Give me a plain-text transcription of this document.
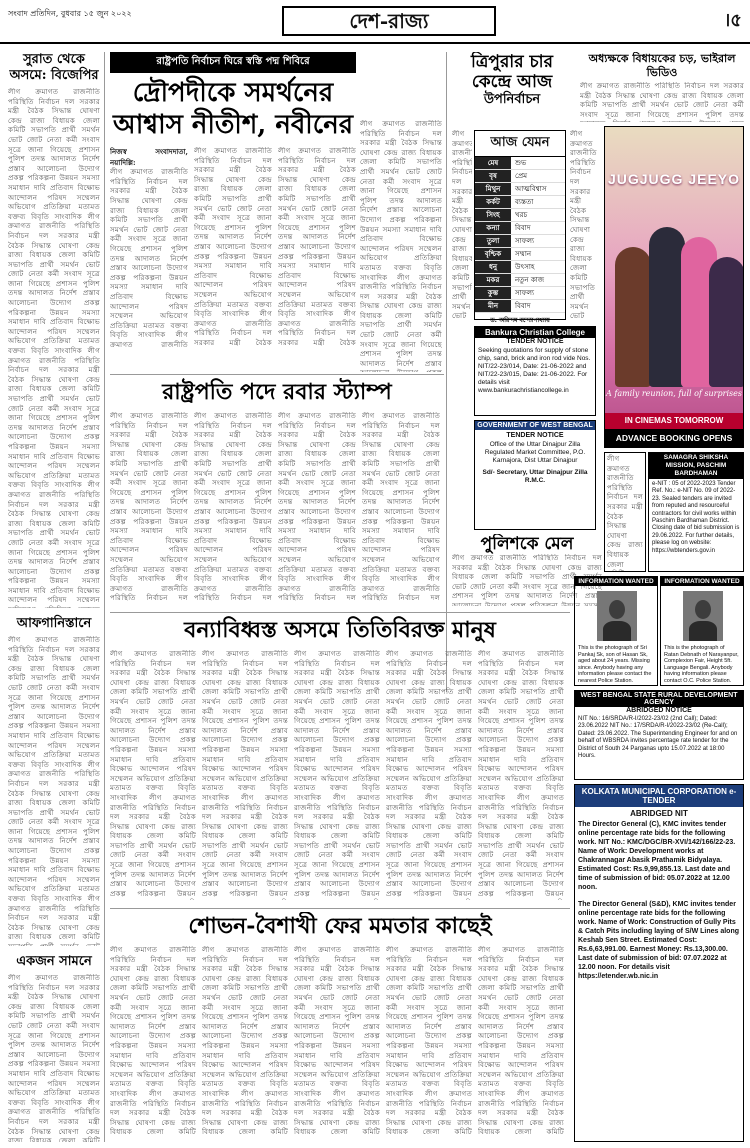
সংবাদ প্রতিদিন, বুধবার ১৫ জুন ২০২২	দেশ-রাজ্য	।৫
সুরাত থেকে
অসমে: বিজেপির
লীগ ক্রমাগত রাজনীতি পরিস্থিতি নির্বাচন দল সরকার মন্ত্রী বৈঠক সিদ্ধান্ত ঘোষণা কেন্দ্র রাজ্য বিধায়ক জেলা কমিটি সভাপতি প্রার্থী সমর্থন ভোট জোট নেতা কর্মী সংবাদ সূত্রে জানা গিয়েছে প্রশাসন পুলিশ তদন্ত আদালত নির্দেশ প্রস্তাব আলোচনা উদ্যোগ প্রকল্প পরিকল্পনা উন্নয়ন সমস্যা সমাধান দাবি প্রতিবাদ বিক্ষোভ আন্দোলন পরিষদ সম্মেলন অভিযোগ প্রতিক্রিয়া মতামত বক্তব্য বিবৃতি সাংবাদিক লীগ ক্রমাগত রাজনীতি পরিস্থিতি নির্বাচন দল সরকার মন্ত্রী বৈঠক সিদ্ধান্ত ঘোষণা কেন্দ্র রাজ্য বিধায়ক জেলা কমিটি সভাপতি প্রার্থী সমর্থন ভোট জোট নেতা কর্মী সংবাদ সূত্রে জানা গিয়েছে প্রশাসন পুলিশ তদন্ত আদালত নির্দেশ প্রস্তাব আলোচনা উদ্যোগ প্রকল্প পরিকল্পনা উন্নয়ন সমস্যা সমাধান দাবি প্রতিবাদ বিক্ষোভ আন্দোলন পরিষদ সম্মেলন অভিযোগ প্রতিক্রিয়া মতামত বক্তব্য বিবৃতি সাংবাদিক লীগ ক্রমাগত রাজনীতি পরিস্থিতি নির্বাচন দল সরকার মন্ত্রী বৈঠক সিদ্ধান্ত ঘোষণা কেন্দ্র রাজ্য বিধায়ক জেলা কমিটি সভাপতি প্রার্থী সমর্থন ভোট জোট নেতা কর্মী সংবাদ সূত্রে জানা গিয়েছে প্রশাসন পুলিশ তদন্ত আদালত নির্দেশ প্রস্তাব আলোচনা উদ্যোগ প্রকল্প পরিকল্পনা উন্নয়ন সমস্যা সমাধান দাবি প্রতিবাদ বিক্ষোভ আন্দোলন পরিষদ সম্মেলন অভিযোগ প্রতিক্রিয়া মতামত বক্তব্য বিবৃতি সাংবাদিক লীগ ক্রমাগত রাজনীতি পরিস্থিতি নির্বাচন দল সরকার মন্ত্রী বৈঠক সিদ্ধান্ত ঘোষণা কেন্দ্র রাজ্য বিধায়ক জেলা কমিটি সভাপতি প্রার্থী সমর্থন ভোট জোট নেতা কর্মী সংবাদ সূত্রে জানা গিয়েছে প্রশাসন পুলিশ তদন্ত আদালত নির্দেশ প্রস্তাব আলোচনা উদ্যোগ প্রকল্প পরিকল্পনা উন্নয়ন সমস্যা সমাধান দাবি প্রতিবাদ বিক্ষোভ আন্দোলন পরিষদ সম্মেলন অভিযোগ প্রতিক্রিয়া মতামত বক্তব্য বিবৃতি সাংবাদিক
আফগানিস্তানে
লীগ ক্রমাগত রাজনীতি পরিস্থিতি নির্বাচন দল সরকার মন্ত্রী বৈঠক সিদ্ধান্ত ঘোষণা কেন্দ্র রাজ্য বিধায়ক জেলা কমিটি সভাপতি প্রার্থী সমর্থন ভোট জোট নেতা কর্মী সংবাদ সূত্রে জানা গিয়েছে প্রশাসন পুলিশ তদন্ত আদালত নির্দেশ প্রস্তাব আলোচনা উদ্যোগ প্রকল্প পরিকল্পনা উন্নয়ন সমস্যা সমাধান দাবি প্রতিবাদ বিক্ষোভ আন্দোলন পরিষদ সম্মেলন অভিযোগ প্রতিক্রিয়া মতামত বক্তব্য বিবৃতি সাংবাদিক লীগ ক্রমাগত রাজনীতি পরিস্থিতি নির্বাচন দল সরকার মন্ত্রী বৈঠক সিদ্ধান্ত ঘোষণা কেন্দ্র রাজ্য বিধায়ক জেলা কমিটি সভাপতি প্রার্থী সমর্থন ভোট জোট নেতা কর্মী সংবাদ সূত্রে জানা গিয়েছে প্রশাসন পুলিশ তদন্ত আদালত নির্দেশ প্রস্তাব আলোচনা উদ্যোগ প্রকল্প পরিকল্পনা উন্নয়ন সমস্যা সমাধান দাবি প্রতিবাদ বিক্ষোভ আন্দোলন পরিষদ সম্মেলন অভিযোগ প্রতিক্রিয়া মতামত বক্তব্য বিবৃতি সাংবাদিক লীগ ক্রমাগত রাজনীতি পরিস্থিতি নির্বাচন দল সরকার মন্ত্রী বৈঠক সিদ্ধান্ত ঘোষণা কেন্দ্র রাজ্য বিধায়ক জেলা কমিটি সভাপতি প্রার্থী সমর্থন ভোট জোট নেতা কর্মী সংবাদ সূত্রে জানা গিয়েছে প্রশাসন পুলিশ তদন্ত আদালত নির্দেশ প্রস্তাব আলোচনা উদ্যোগ প্রকল্প পরিকল্পনা উন্নয়ন সমস্যা সমাধান দাবি প্রতিবাদ বিক্ষোভ আন্দোলন পরিষদ সম্মেলন অভিযোগ প্রতিক্রিয়া মতামত বক্তব্য বিবৃতি সাংবাদিক লীগ ক্রমাগত রাজনীতি পরিস্থিতি নির্বাচন দল সরকার মন্ত্রী বৈঠক সিদ্ধান্ত ঘোষণা কেন্দ্র রাজ্য বিধায়ক জেলা কমিটি সভাপতি প্রার্থী সমর্থন ভোট জোট নেতা কর্মী সংবাদ সূত্রে জানা গিয়েছে প্রশাসন পুলিশ তদন্ত আদালত নির্দেশ প্রস্তাব আলোচনা উদ্যোগ প্রকল্প পরিকল্পনা উন্নয়ন সমস্যা সমাধান দাবি প্রতিবাদ বিক্ষোভ আন্দোলন পরিষদ সম্মেলন অভিযোগ প্রতিক্রিয়া মতামত বক্তব্য বিবৃতি সাংবাদিক
একজন সামনে
লীগ ক্রমাগত রাজনীতি পরিস্থিতি নির্বাচন দল সরকার মন্ত্রী বৈঠক সিদ্ধান্ত ঘোষণা কেন্দ্র রাজ্য বিধায়ক জেলা কমিটি সভাপতি প্রার্থী সমর্থন ভোট জোট নেতা কর্মী সংবাদ সূত্রে জানা গিয়েছে প্রশাসন পুলিশ তদন্ত আদালত নির্দেশ প্রস্তাব আলোচনা উদ্যোগ প্রকল্প পরিকল্পনা উন্নয়ন সমস্যা সমাধান দাবি প্রতিবাদ বিক্ষোভ আন্দোলন পরিষদ সম্মেলন অভিযোগ প্রতিক্রিয়া মতামত বক্তব্য বিবৃতি সাংবাদিক লীগ ক্রমাগত রাজনীতি পরিস্থিতি নির্বাচন দল সরকার মন্ত্রী বৈঠক সিদ্ধান্ত ঘোষণা কেন্দ্র রাজ্য বিধায়ক জেলা কমিটি সভাপতি প্রার্থী সমর্থন ভোট জোট নেতা কর্মী সংবাদ সূত্রে জানা গিয়েছে প্রশাসন পুলিশ তদন্ত আদালত নির্দেশ প্রস্তাব আলোচনা উদ্যোগ প্রকল্প পরিকল্পনা উন্নয়ন সমস্যা সমাধান দাবি প্রতিবাদ বিক্ষোভ আন্দোলন পরিষদ সম্মেলন অভিযোগ প্রতিক্রিয়া মতামত বক্তব্য বিবৃতি সাংবাদিক লীগ ক্রমাগত রাজনীতি পরিস্থিতি নির্বাচন দল সরকার মন্ত্রী বৈঠক সিদ্ধান্ত ঘোষণা কেন্দ্র রাজ্য বিধায়ক জেলা কমিটি সভাপতি প্রার্থী সমর্থন ভোট জোট নেতা কর্মী সংবাদ সূত্রে জানা গিয়েছে প্রশাসন পুলিশ তদন্ত আদালত নির্দেশ প্রস্তাব আলোচনা উদ্যোগ প্রকল্প পরিকল্পনা উন্নয়ন সমস্যা সমাধান দাবি প্রতিবাদ বিক্ষোভ আন্দোলন পরিষদ সম্মেলন অভিযোগ প্রতিক্রিয়া মতামত বক্তব্য বিবৃতি সাংবাদিক লীগ ক্রমাগত রাজনীতি পরিস্থিতি নির্বাচন দল সরকার মন্ত্রী বৈঠক সিদ্ধান্ত ঘোষণা কেন্দ্র রাজ্য বিধায়ক জেলা কমিটি সভাপতি প্রার্থী সমর্থন ভোট জোট নেতা কর্মী সংবাদ সূত্রে জানা গিয়েছে প্রশাসন পুলিশ তদন্ত আদালত নির্দেশ প্রস্তাব আলোচনা উদ্যোগ প্রকল্প পরিকল্পনা উন্নয়ন সমস্যা সমাধান দাবি প্রতিবাদ বিক্ষোভ আন্দোলন পরিষদ সম্মেলন অভিযোগ প্রতিক্রিয়া মতামত বক্তব্য বিবৃতি সাংবাদিক
রাষ্ট্রপতি নির্বাচন ঘিরে স্বস্তি পদ্ম শিবিরে
দ্রৌপদীকে সমর্থনের
আশ্বাস নীতীশ, নবীনের
নিজস্ব সংবাদদাতা, নয়াদিল্লি:
লীগ ক্রমাগত রাজনীতি পরিস্থিতি নির্বাচন দল সরকার মন্ত্রী বৈঠক সিদ্ধান্ত ঘোষণা কেন্দ্র রাজ্য বিধায়ক জেলা কমিটি সভাপতি প্রার্থী সমর্থন ভোট জোট নেতা কর্মী সংবাদ সূত্রে জানা গিয়েছে প্রশাসন পুলিশ তদন্ত আদালত নির্দেশ প্রস্তাব আলোচনা উদ্যোগ প্রকল্প পরিকল্পনা উন্নয়ন সমস্যা সমাধান দাবি প্রতিবাদ বিক্ষোভ আন্দোলন পরিষদ সম্মেলন অভিযোগ প্রতিক্রিয়া মতামত বক্তব্য বিবৃতি সাংবাদিক লীগ ক্রমাগত রাজনীতি পরিস্থিতি নির্বাচন দল সরকার মন্ত্রী বৈঠক সিদ্ধান্ত ঘোষণা কেন্দ্র রাজ্য বিধায়ক জেলা কমিটি সভাপতি প্রার্থী সমর্থন ভোট জোট নেতা কর্মী সংবাদ সূত্রে জানা গিয়েছে প্রশাসন পুলিশ তদন্ত আদালত নির্দেশ প্রস্তাব আলোচনা উদ্যোগ প্রকল্প পরিকল্পনা উন্নয়ন সমস্যা সমাধান দাবি প্রতিবাদ বিক্ষোভ আন্দোলন পরিষদ সম্মেলন অভিযোগ প্রতিক্রিয়া মতামত বক্তব্য বিবৃতি সাংবাদিক লীগ ক্রমাগত রাজনীতি পরিস্থিতি নির্বাচন দল সরকার মন্ত্রী বৈঠক সিদ্ধান্ত ঘোষণা কেন্দ্র রাজ্য বিধায়ক জেলা কমিটি সভাপতি প্রার্থী সমর্থন ভোট জোট নেতা কর্মী সংবাদ সূত্রে জানা গিয়েছে প্রশাসন পুলিশ তদন্ত আদালত নির্দেশ প্রস্তাব আলোচনা উদ্যোগ প্রকল্প পরিকল্পনা উন্নয়ন সমস্যা সমাধান দাবি প্রতিবাদ বিক্ষোভ আন্দোলন পরিষদ সম্মেলন অভিযোগ প্রতিক্রিয়া মতামত বক্তব্য বিবৃতি সাংবাদিক লীগ ক্রমাগত রাজনীতি পরিস্থিতি নির্বাচন দল সরকার মন্ত্রী বৈঠক সিদ্ধান্ত ঘোষণা কেন্দ্র রাজ্য বিধায়ক জেলা কমিটি সভাপতি প্রার্থী সমর্থন ভোট জোট নেতা কর্মী সংবাদ সূত্রে জানা গিয়েছে প্রশাসন পুলিশ তদন্ত আদালত নির্দেশ প্রস্তাব আলোচনা উদ্যোগ প্রকল্প পরিকল্পনা উন্নয়ন সমস্যা সমাধান দাবি প্রতিবাদ বিক্ষোভ আন্দোলন পরিষদ সম্মেলন অভিযোগ প্রতিক্রিয়া মতামত বক্তব্য বিবৃতি সাংবাদিক
লীগ ক্রমাগত রাজনীতি পরিস্থিতি নির্বাচন দল সরকার মন্ত্রী বৈঠক সিদ্ধান্ত ঘোষণা কেন্দ্র রাজ্য বিধায়ক জেলা কমিটি সভাপতি প্রার্থী সমর্থন ভোট জোট নেতা কর্মী সংবাদ সূত্রে জানা গিয়েছে প্রশাসন পুলিশ তদন্ত আদালত নির্দেশ প্রস্তাব আলোচনা উদ্যোগ প্রকল্প পরিকল্পনা উন্নয়ন সমস্যা সমাধান দাবি প্রতিবাদ বিক্ষোভ আন্দোলন পরিষদ সম্মেলন অভিযোগ প্রতিক্রিয়া মতামত বক্তব্য বিবৃতি সাংবাদিক লীগ ক্রমাগত রাজনীতি পরিস্থিতি নির্বাচন দল সরকার মন্ত্রী বৈঠক সিদ্ধান্ত ঘোষণা কেন্দ্র রাজ্য বিধায়ক জেলা কমিটি সভাপতি প্রার্থী সমর্থন ভোট জোট নেতা কর্মী সংবাদ সূত্রে জানা গিয়েছে প্রশাসন পুলিশ তদন্ত আদালত নির্দেশ প্রস্তাব আলোচনা উদ্যোগ প্রকল্প পরিকল্পনা উন্নয়ন সমস্যা সমাধান দাবি প্রতিবাদ বিক্ষোভ আন্দোলন পরিষদ সম্মেলন অভিযোগ প্রতিক্রিয়া মতামত বক্তব্য বিবৃতি সাংবাদিক লীগ ক্রমাগত রাজনীতি পরিস্থিতি নির্বাচন দল সরকার মন্ত্রী বৈঠক সিদ্ধান্ত ঘোষণা কেন্দ্র রাজ্য বিধায়ক জেলা কমিটি সভাপতি প্রার্থী সমর্থন ভোট জোট নেতা কর্মী সংবাদ সূত্রে জানা গিয়েছে প্রশাসন পুলিশ তদন্ত আদালত নির্দেশ প্রস্তাব আলোচনা উদ্যোগ প্রকল্প পরিকল্পনা উন্নয়ন সমস্যা সমাধান দাবি প্রতিবাদ বিক্ষোভ আন্দোলন পরিষদ সম্মেলন অভিযোগ প্রতিক্রিয়া মতামত বক্তব্য বিবৃতি সাংবাদিক লীগ ক্রমাগত রাজনীতি পরিস্থিতি নির্বাচন দল সরকার মন্ত্রী বৈঠক সিদ্ধান্ত ঘোষণা কেন্দ্র রাজ্য বিধায়ক জেলা কমিটি সভাপতি প্রার্থী সমর্থন ভোট জোট নেতা কর্মী সংবাদ সূত্রে জানা গিয়েছে প্রশাসন পুলিশ তদন্ত আদালত নির্দেশ প্রস্তাব আলোচনা উদ্যোগ প্রকল্প পরিকল্পনা উন্নয়ন সমস্যা সমাধান দাবি প্রতিবাদ বিক্ষোভ আন্দোলন পরিষদ সম্মেলন অভিযোগ প্রতিক্রিয়া মতামত বক্তব্য বিবৃতি সাংবাদিক
লীগ ক্রমাগত রাজনীতি পরিস্থিতি নির্বাচন দল সরকার মন্ত্রী বৈঠক সিদ্ধান্ত ঘোষণা কেন্দ্র রাজ্য বিধায়ক জেলা কমিটি সভাপতি প্রার্থী সমর্থন ভোট জোট নেতা কর্মী সংবাদ সূত্রে জানা গিয়েছে প্রশাসন পুলিশ তদন্ত আদালত নির্দেশ প্রস্তাব আলোচনা উদ্যোগ প্রকল্প পরিকল্পনা উন্নয়ন সমস্যা সমাধান দাবি প্রতিবাদ বিক্ষোভ আন্দোলন পরিষদ সম্মেলন অভিযোগ প্রতিক্রিয়া মতামত বক্তব্য বিবৃতি সাংবাদিক লীগ ক্রমাগত রাজনীতি পরিস্থিতি নির্বাচন দল সরকার মন্ত্রী বৈঠক সিদ্ধান্ত ঘোষণা কেন্দ্র রাজ্য বিধায়ক জেলা কমিটি সভাপতি প্রার্থী সমর্থন ভোট জোট নেতা কর্মী সংবাদ সূত্রে জানা গিয়েছে প্রশাসন পুলিশ তদন্ত আদালত নির্দেশ প্রস্তাব আলোচনা উদ্যোগ প্রকল্প পরিকল্পনা উন্নয়ন সমস্যা সমাধান দাবি প্রতিবাদ বিক্ষোভ আন্দোলন পরিষদ সম্মেলন অভিযোগ প্রতিক্রিয়া মতামত বক্তব্য বিবৃতি সাংবাদিক লীগ ক্রমাগত রাজনীতি পরিস্থিতি নির্বাচন দল সরকার মন্ত্রী বৈঠক সিদ্ধান্ত ঘোষণা কেন্দ্র রাজ্য বিধায়ক জেলা কমিটি সভাপতি প্রার্থী সমর্থন ভোট জোট নেতা কর্মী সংবাদ সূত্রে জানা গিয়েছে প্রশাসন পুলিশ তদন্ত আদালত নির্দেশ প্রস্তাব আলোচনা উদ্যোগ প্রকল্প পরিকল্পনা উন্নয়ন সমস্যা সমাধান দাবি প্রতিবাদ বিক্ষোভ আন্দোলন পরিষদ সম্মেলন অভিযোগ প্রতিক্রিয়া মতামত বক্তব্য বিবৃতি সাংবাদিক লীগ ক্রমাগত রাজনীতি পরিস্থিতি নির্বাচন দল সরকার মন্ত্রী বৈঠক সিদ্ধান্ত ঘোষণা কেন্দ্র রাজ্য বিধায়ক জেলা কমিটি সভাপতি প্রার্থী সমর্থন ভোট জোট নেতা কর্মী সংবাদ সূত্রে জানা গিয়েছে প্রশাসন পুলিশ তদন্ত আদালত নির্দেশ প্রস্তাব আলোচনা উদ্যোগ প্রকল্প পরিকল্পনা উন্নয়ন সমস্যা সমাধান দাবি প্রতিবাদ বিক্ষোভ আন্দোলন পরিষদ সম্মেলন অভিযোগ প্রতিক্রিয়া মতামত বক্তব্য বিবৃতি সাংবাদিক
লীগ ক্রমাগত রাজনীতি পরিস্থিতি নির্বাচন দল সরকার মন্ত্রী বৈঠক সিদ্ধান্ত ঘোষণা কেন্দ্র রাজ্য বিধায়ক জেলা কমিটি সভাপতি প্রার্থী সমর্থন ভোট জোট নেতা কর্মী সংবাদ সূত্রে জানা গিয়েছে প্রশাসন পুলিশ তদন্ত আদালত নির্দেশ প্রস্তাব আলোচনা উদ্যোগ প্রকল্প পরিকল্পনা উন্নয়ন সমস্যা সমাধান দাবি প্রতিবাদ বিক্ষোভ আন্দোলন পরিষদ সম্মেলন অভিযোগ প্রতিক্রিয়া মতামত বক্তব্য বিবৃতি সাংবাদিক লীগ ক্রমাগত রাজনীতি পরিস্থিতি নির্বাচন দল সরকার মন্ত্রী বৈঠক সিদ্ধান্ত ঘোষণা কেন্দ্র রাজ্য বিধায়ক জেলা কমিটি সভাপতি প্রার্থী সমর্থন ভোট জোট নেতা কর্মী সংবাদ সূত্রে জানা গিয়েছে প্রশাসন পুলিশ তদন্ত আদালত নির্দেশ প্রস্তাব আলোচনা উদ্যোগ প্রকল্প পরিকল্পনা উন্নয়ন সমস্যা সমাধান দাবি প্রতিবাদ বিক্ষোভ আন্দোলন পরিষদ সম্মেলন অভিযোগ প্রতিক্রিয়া মতামত বক্তব্য বিবৃতি সাংবাদিক লীগ ক্রমাগত রাজনীতি পরিস্থিতি নির্বাচন দল সরকার মন্ত্রী বৈঠক সিদ্ধান্ত ঘোষণা কেন্দ্র রাজ্য বিধায়ক জেলা কমিটি সভাপতি প্রার্থী সমর্থন ভোট জোট নেতা কর্মী সংবাদ সূত্রে জানা গিয়েছে প্রশাসন পুলিশ তদন্ত আদালত নির্দেশ প্রস্তাব আলোচনা উদ্যোগ প্রকল্প পরিকল্পনা উন্নয়ন সমস্যা সমাধান দাবি প্রতিবাদ বিক্ষোভ আন্দোলন পরিষদ সম্মেলন অভিযোগ প্রতিক্রিয়া মতামত বক্তব্য বিবৃতি সাংবাদিক লীগ ক্রমাগত রাজনীতি পরিস্থিতি নির্বাচন দল সরকার মন্ত্রী বৈঠক সিদ্ধান্ত ঘোষণা কেন্দ্র রাজ্য বিধায়ক জেলা কমিটি সভাপতি প্রার্থী সমর্থন ভোট জোট নেতা কর্মী সংবাদ সূত্রে জানা গিয়েছে প্রশাসন পুলিশ তদন্ত আদালত নির্দেশ প্রস্তাব আলোচনা উদ্যোগ প্রকল্প পরিকল্পনা উন্নয়ন সমস্যা সমাধান দাবি প্রতিবাদ বিক্ষোভ আন্দোলন পরিষদ সম্মেলন অভিযোগ প্রতিক্রিয়া মতামত বক্তব্য বিবৃতি সাংবাদিক
ত্রিপুরার চার
কেন্দ্রে আজ
উপনির্বাচন
আজ যেমন
মেষ	শুভ
বৃষ	প্রেম
মিথুন	আত্মবিশ্বাস
কর্কট	ব্যস্ততা
সিংহ	খরচ
কন্যা	বিবাদ
তুলা	সাফল্য
বৃশ্চিক	সম্মান
ধনু	উৎসাহ
মকর	নতুন কাজ
কুম্ভ	সাফল্য
মীন	বিবাদ
ড. অরিন্দম বন্দ্যোপাধ্যায়
Bankura Christian College
TENDER NOTICE
Seeking quotations for supply of stone chip, sand, brick and iron rod vide Nos. NIT/22-23/014, Date: 21-06-2022 and NIT/22-23/015, Date: 21-06-2022. For details visit www.bankurachristiancollege.in
GOVERNMENT OF WEST BENGAL
TENDER NOTICE
Office of the Uttar Dinajpur Zilla Regulated Market Committee, P.O. Karnajora, Dist Uttar Dinajpur
Sd/- Secretary, Uttar Dinajpur Zilla R.M.C.
লীগ ক্রমাগত রাজনীতি পরিস্থিতি নির্বাচন দল সরকার মন্ত্রী বৈঠক সিদ্ধান্ত ঘোষণা কেন্দ্র রাজ্য বিধায়ক জেলা কমিটি সভাপতি প্রার্থী সমর্থন ভোট জোট নেতা কর্মী সংবাদ সূত্রে জানা গিয়েছে প্রশাসন পুলিশ তদন্ত আদালত নির্দেশ প্রস্তাব আলোচনা উদ্যোগ প্রকল্প পরিকল্পনা উন্নয়ন সমস্যা সমাধান দাবি প্রতিবাদ বিক্ষোভ আন্দোলন পরিষদ সম্মেলন অভিযোগ প্রতিক্রিয়া মতামত বক্তব্য বিবৃতি সাংবাদিক লীগ ক্রমাগত রাজনীতি পরিস্থিতি নির্বাচন দল সরকার মন্ত্রী বৈঠক সিদ্ধান্ত ঘোষণা কেন্দ্র রাজ্য বিধায়ক জেলা কমিটি সভাপতি প্রার্থী সমর্থন ভোট জোট নেতা কর্মী সংবাদ সূত্রে জানা গিয়েছে প্রশাসন পুলিশ তদন্ত আদালত নির্দেশ প্রস্তাব আলোচনা উদ্যোগ প্রকল্প পরিকল্পনা উন্নয়ন সমস্যা সমাধান দাবি প্রতিবাদ বিক্ষোভ আন্দোলন পরিষদ সম্মেলন অভিযোগ প্রতিক্রিয়া মতামত বক্তব্য বিবৃতি সাংবাদিক লীগ ক্রমাগত রাজনীতি পরিস্থিতি নির্বাচন দল সরকার মন্ত্রী বৈঠক সিদ্ধান্ত ঘোষণা কেন্দ্র রাজ্য বিধায়ক জেলা কমিটি সভাপতি প্রার্থী সমর্থন ভোট জোট নেতা কর্মী সংবাদ সূত্রে জানা গিয়েছে প্রশাসন পুলিশ তদন্ত আদালত নির্দেশ প্রস্তাব আলোচনা উদ্যোগ প্রকল্প পরিকল্পনা উন্নয়ন সমস্যা সমাধান দাবি প্রতিবাদ বিক্ষোভ আন্দোলন পরিষদ সম্মেলন অভিযোগ প্রতিক্রিয়া মতামত বক্তব্য বিবৃতি সাংবাদিক লীগ ক্রমাগত রাজনীতি পরিস্থিতি নির্বাচন দল সরকার মন্ত্রী বৈঠক সিদ্ধান্ত ঘোষণা কেন্দ্র রাজ্য বিধায়ক জেলা কমিটি সভাপতি প্রার্থী সমর্থন ভোট জোট নেতা কর্মী সংবাদ সূত্রে জানা গিয়েছে প্রশাসন পুলিশ তদন্ত আদালত নির্দেশ প্রস্তাব আলোচনা উদ্যোগ প্রকল্প পরিকল্পনা উন্নয়ন সমস্যা সমাধান দাবি প্রতিবাদ বিক্ষোভ আন্দোলন পরিষদ সম্মেলন অভিযোগ প্রতিক্রিয়া মতামত বক্তব্য বিবৃতি সাংবাদিক
রাষ্ট্রপতি পদে রবার স্ট্যাম্প
লীগ ক্রমাগত রাজনীতি পরিস্থিতি নির্বাচন দল সরকার মন্ত্রী বৈঠক সিদ্ধান্ত ঘোষণা কেন্দ্র রাজ্য বিধায়ক জেলা কমিটি সভাপতি প্রার্থী সমর্থন ভোট জোট নেতা কর্মী সংবাদ সূত্রে জানা গিয়েছে প্রশাসন পুলিশ তদন্ত আদালত নির্দেশ প্রস্তাব আলোচনা উদ্যোগ প্রকল্প পরিকল্পনা উন্নয়ন সমস্যা সমাধান দাবি প্রতিবাদ বিক্ষোভ আন্দোলন পরিষদ সম্মেলন অভিযোগ প্রতিক্রিয়া মতামত বক্তব্য বিবৃতি সাংবাদিক লীগ ক্রমাগত রাজনীতি পরিস্থিতি নির্বাচন দল সরকার মন্ত্রী বৈঠক সিদ্ধান্ত ঘোষণা কেন্দ্র রাজ্য বিধায়ক জেলা কমিটি সভাপতি প্রার্থী সমর্থন ভোট জোট নেতা কর্মী সংবাদ সূত্রে জানা গিয়েছে প্রশাসন পুলিশ তদন্ত আদালত নির্দেশ প্রস্তাব আলোচনা উদ্যোগ প্রকল্প পরিকল্পনা উন্নয়ন সমস্যা সমাধান দাবি প্রতিবাদ বিক্ষোভ আন্দোলন পরিষদ সম্মেলন অভিযোগ প্রতিক্রিয়া মতামত বক্তব্য বিবৃতি সাংবাদিক লীগ ক্রমাগত রাজনীতি পরিস্থিতি নির্বাচন দল সরকার মন্ত্রী বৈঠক সিদ্ধান্ত ঘোষণা কেন্দ্র রাজ্য বিধায়ক জেলা কমিটি সভাপতি প্রার্থী সমর্থন ভোট জোট নেতা কর্মী সংবাদ সূত্রে জানা গিয়েছে প্রশাসন পুলিশ তদন্ত আদালত নির্দেশ প্রস্তাব আলোচনা উদ্যোগ প্রকল্প পরিকল্পনা উন্নয়ন সমস্যা সমাধান দাবি প্রতিবাদ বিক্ষোভ আন্দোলন পরিষদ সম্মেলন অভিযোগ প্রতিক্রিয়া মতামত বক্তব্য বিবৃতি সাংবাদিক লীগ ক্রমাগত রাজনীতি পরিস্থিতি নির্বাচন দল সরকার মন্ত্রী বৈঠক সিদ্ধান্ত ঘোষণা কেন্দ্র রাজ্য বিধায়ক জেলা কমিটি সভাপতি প্রার্থী সমর্থন ভোট জোট নেতা কর্মী সংবাদ সূত্রে জানা গিয়েছে প্রশাসন পুলিশ তদন্ত আদালত নির্দেশ প্রস্তাব আলোচনা উদ্যোগ প্রকল্প পরিকল্পনা উন্নয়ন সমস্যা সমাধান দাবি প্রতিবাদ বিক্ষোভ আন্দোলন পরিষদ সম্মেলন অভিযোগ প্রতিক্রিয়া মতামত বক্তব্য বিবৃতি সাংবাদিক
লীগ ক্রমাগত রাজনীতি পরিস্থিতি নির্বাচন দল সরকার মন্ত্রী বৈঠক সিদ্ধান্ত ঘোষণা কেন্দ্র রাজ্য বিধায়ক জেলা কমিটি সভাপতি প্রার্থী সমর্থন ভোট জোট নেতা কর্মী সংবাদ সূত্রে জানা গিয়েছে প্রশাসন পুলিশ তদন্ত আদালত নির্দেশ প্রস্তাব আলোচনা উদ্যোগ প্রকল্প পরিকল্পনা উন্নয়ন সমস্যা সমাধান দাবি প্রতিবাদ বিক্ষোভ আন্দোলন পরিষদ সম্মেলন অভিযোগ প্রতিক্রিয়া মতামত বক্তব্য বিবৃতি সাংবাদিক লীগ ক্রমাগত রাজনীতি পরিস্থিতি নির্বাচন দল সরকার মন্ত্রী বৈঠক সিদ্ধান্ত ঘোষণা কেন্দ্র রাজ্য বিধায়ক জেলা কমিটি সভাপতি প্রার্থী সমর্থন ভোট জোট নেতা কর্মী সংবাদ সূত্রে জানা গিয়েছে প্রশাসন পুলিশ তদন্ত আদালত নির্দেশ প্রস্তাব আলোচনা উদ্যোগ প্রকল্প পরিকল্পনা উন্নয়ন সমস্যা সমাধান দাবি প্রতিবাদ বিক্ষোভ আন্দোলন পরিষদ সম্মেলন অভিযোগ প্রতিক্রিয়া মতামত বক্তব্য বিবৃতি সাংবাদিক লীগ ক্রমাগত রাজনীতি পরিস্থিতি নির্বাচন দল সরকার মন্ত্রী বৈঠক সিদ্ধান্ত ঘোষণা কেন্দ্র রাজ্য বিধায়ক জেলা কমিটি সভাপতি প্রার্থী সমর্থন ভোট জোট নেতা কর্মী সংবাদ সূত্রে জানা গিয়েছে প্রশাসন পুলিশ তদন্ত আদালত নির্দেশ প্রস্তাব আলোচনা উদ্যোগ প্রকল্প পরিকল্পনা উন্নয়ন সমস্যা সমাধান দাবি প্রতিবাদ বিক্ষোভ আন্দোলন পরিষদ সম্মেলন অভিযোগ প্রতিক্রিয়া মতামত বক্তব্য বিবৃতি সাংবাদিক লীগ ক্রমাগত রাজনীতি পরিস্থিতি নির্বাচন দল সরকার মন্ত্রী বৈঠক সিদ্ধান্ত ঘোষণা কেন্দ্র রাজ্য বিধায়ক জেলা কমিটি সভাপতি প্রার্থী সমর্থন ভোট জোট নেতা কর্মী সংবাদ সূত্রে জানা গিয়েছে প্রশাসন পুলিশ তদন্ত আদালত নির্দেশ প্রস্তাব আলোচনা উদ্যোগ প্রকল্প পরিকল্পনা উন্নয়ন সমস্যা সমাধান দাবি প্রতিবাদ বিক্ষোভ আন্দোলন পরিষদ সম্মেলন অভিযোগ প্রতিক্রিয়া মতামত বক্তব্য বিবৃতি সাংবাদিক
লীগ ক্রমাগত রাজনীতি পরিস্থিতি নির্বাচন দল সরকার মন্ত্রী বৈঠক সিদ্ধান্ত ঘোষণা কেন্দ্র রাজ্য বিধায়ক জেলা কমিটি সভাপতি প্রার্থী সমর্থন ভোট জোট নেতা কর্মী সংবাদ সূত্রে জানা গিয়েছে প্রশাসন পুলিশ তদন্ত আদালত নির্দেশ প্রস্তাব আলোচনা উদ্যোগ প্রকল্প পরিকল্পনা উন্নয়ন সমস্যা সমাধান দাবি প্রতিবাদ বিক্ষোভ আন্দোলন পরিষদ সম্মেলন অভিযোগ প্রতিক্রিয়া মতামত বক্তব্য বিবৃতি সাংবাদিক লীগ ক্রমাগত রাজনীতি পরিস্থিতি নির্বাচন দল সরকার মন্ত্রী বৈঠক সিদ্ধান্ত ঘোষণা কেন্দ্র রাজ্য বিধায়ক জেলা কমিটি সভাপতি প্রার্থী সমর্থন ভোট জোট নেতা কর্মী সংবাদ সূত্রে জানা গিয়েছে প্রশাসন পুলিশ তদন্ত আদালত নির্দেশ প্রস্তাব আলোচনা উদ্যোগ প্রকল্প পরিকল্পনা উন্নয়ন সমস্যা সমাধান দাবি প্রতিবাদ বিক্ষোভ আন্দোলন পরিষদ সম্মেলন অভিযোগ প্রতিক্রিয়া মতামত বক্তব্য বিবৃতি সাংবাদিক লীগ ক্রমাগত রাজনীতি পরিস্থিতি নির্বাচন দল সরকার মন্ত্রী বৈঠক সিদ্ধান্ত ঘোষণা কেন্দ্র রাজ্য বিধায়ক জেলা কমিটি সভাপতি প্রার্থী সমর্থন ভোট জোট নেতা কর্মী সংবাদ সূত্রে জানা গিয়েছে প্রশাসন পুলিশ তদন্ত আদালত নির্দেশ প্রস্তাব আলোচনা উদ্যোগ প্রকল্প পরিকল্পনা উন্নয়ন সমস্যা সমাধান দাবি প্রতিবাদ বিক্ষোভ আন্দোলন পরিষদ সম্মেলন অভিযোগ প্রতিক্রিয়া মতামত বক্তব্য বিবৃতি সাংবাদিক লীগ ক্রমাগত রাজনীতি পরিস্থিতি নির্বাচন দল সরকার মন্ত্রী বৈঠক সিদ্ধান্ত ঘোষণা কেন্দ্র রাজ্য বিধায়ক জেলা কমিটি সভাপতি প্রার্থী সমর্থন ভোট জোট নেতা কর্মী সংবাদ সূত্রে জানা গিয়েছে প্রশাসন পুলিশ তদন্ত আদালত নির্দেশ প্রস্তাব আলোচনা উদ্যোগ প্রকল্প পরিকল্পনা উন্নয়ন সমস্যা সমাধান দাবি প্রতিবাদ বিক্ষোভ আন্দোলন পরিষদ সম্মেলন অভিযোগ প্রতিক্রিয়া মতামত বক্তব্য বিবৃতি সাংবাদিক
লীগ ক্রমাগত রাজনীতি পরিস্থিতি নির্বাচন দল সরকার মন্ত্রী বৈঠক সিদ্ধান্ত ঘোষণা কেন্দ্র রাজ্য বিধায়ক জেলা কমিটি সভাপতি প্রার্থী সমর্থন ভোট জোট নেতা কর্মী সংবাদ সূত্রে জানা গিয়েছে প্রশাসন পুলিশ তদন্ত আদালত নির্দেশ প্রস্তাব আলোচনা উদ্যোগ প্রকল্প পরিকল্পনা উন্নয়ন সমস্যা সমাধান দাবি প্রতিবাদ বিক্ষোভ আন্দোলন পরিষদ সম্মেলন অভিযোগ প্রতিক্রিয়া মতামত বক্তব্য বিবৃতি সাংবাদিক লীগ ক্রমাগত রাজনীতি পরিস্থিতি নির্বাচন দল সরকার মন্ত্রী বৈঠক সিদ্ধান্ত ঘোষণা কেন্দ্র রাজ্য বিধায়ক জেলা কমিটি সভাপতি প্রার্থী সমর্থন ভোট জোট নেতা কর্মী সংবাদ সূত্রে জানা গিয়েছে প্রশাসন পুলিশ তদন্ত আদালত নির্দেশ প্রস্তাব আলোচনা উদ্যোগ প্রকল্প পরিকল্পনা উন্নয়ন সমস্যা সমাধান দাবি প্রতিবাদ বিক্ষোভ আন্দোলন পরিষদ সম্মেলন অভিযোগ প্রতিক্রিয়া মতামত বক্তব্য বিবৃতি সাংবাদিক লীগ ক্রমাগত রাজনীতি পরিস্থিতি নির্বাচন দল সরকার মন্ত্রী বৈঠক সিদ্ধান্ত ঘোষণা কেন্দ্র রাজ্য বিধায়ক জেলা কমিটি সভাপতি প্রার্থী সমর্থন ভোট জোট নেতা কর্মী সংবাদ সূত্রে জানা গিয়েছে প্রশাসন পুলিশ তদন্ত আদালত নির্দেশ প্রস্তাব আলোচনা উদ্যোগ প্রকল্প পরিকল্পনা উন্নয়ন সমস্যা সমাধান দাবি প্রতিবাদ বিক্ষোভ আন্দোলন পরিষদ সম্মেলন অভিযোগ প্রতিক্রিয়া মতামত বক্তব্য বিবৃতি সাংবাদিক লীগ ক্রমাগত রাজনীতি পরিস্থিতি নির্বাচন দল সরকার মন্ত্রী বৈঠক সিদ্ধান্ত ঘোষণা কেন্দ্র রাজ্য বিধায়ক জেলা কমিটি সভাপতি প্রার্থী সমর্থন ভোট জোট নেতা কর্মী সংবাদ সূত্রে জানা গিয়েছে প্রশাসন পুলিশ তদন্ত আদালত নির্দেশ প্রস্তাব আলোচনা উদ্যোগ প্রকল্প পরিকল্পনা উন্নয়ন সমস্যা সমাধান দাবি প্রতিবাদ বিক্ষোভ আন্দোলন পরিষদ সম্মেলন অভিযোগ প্রতিক্রিয়া মতামত বক্তব্য বিবৃতি সাংবাদিক
বন্যাবিধ্বস্ত অসমে তিতিবিরক্ত মানুষ
লীগ ক্রমাগত রাজনীতি পরিস্থিতি নির্বাচন দল সরকার মন্ত্রী বৈঠক সিদ্ধান্ত ঘোষণা কেন্দ্র রাজ্য বিধায়ক জেলা কমিটি সভাপতি প্রার্থী সমর্থন ভোট জোট নেতা কর্মী সংবাদ সূত্রে জানা গিয়েছে প্রশাসন পুলিশ তদন্ত আদালত নির্দেশ প্রস্তাব আলোচনা উদ্যোগ প্রকল্প পরিকল্পনা উন্নয়ন সমস্যা সমাধান দাবি প্রতিবাদ বিক্ষোভ আন্দোলন পরিষদ সম্মেলন অভিযোগ প্রতিক্রিয়া মতামত বক্তব্য বিবৃতি সাংবাদিক লীগ ক্রমাগত রাজনীতি পরিস্থিতি নির্বাচন দল সরকার মন্ত্রী বৈঠক সিদ্ধান্ত ঘোষণা কেন্দ্র রাজ্য বিধায়ক জেলা কমিটি সভাপতি প্রার্থী সমর্থন ভোট জোট নেতা কর্মী সংবাদ সূত্রে জানা গিয়েছে প্রশাসন পুলিশ তদন্ত আদালত নির্দেশ প্রস্তাব আলোচনা উদ্যোগ প্রকল্প পরিকল্পনা উন্নয়ন সমস্যা সমাধান দাবি প্রতিবাদ বিক্ষোভ আন্দোলন পরিষদ সম্মেলন অভিযোগ প্রতিক্রিয়া মতামত বক্তব্য বিবৃতি সাংবাদিক লীগ ক্রমাগত রাজনীতি পরিস্থিতি নির্বাচন দল সরকার মন্ত্রী বৈঠক সিদ্ধান্ত ঘোষণা কেন্দ্র রাজ্য বিধায়ক জেলা কমিটি সভাপতি প্রার্থী সমর্থন ভোট জোট নেতা কর্মী সংবাদ সূত্রে জানা গিয়েছে প্রশাসন পুলিশ তদন্ত আদালত নির্দেশ প্রস্তাব আলোচনা উদ্যোগ প্রকল্প পরিকল্পনা উন্নয়ন সমস্যা সমাধান দাবি প্রতিবাদ বিক্ষোভ আন্দোলন পরিষদ সম্মেলন অভিযোগ প্রতিক্রিয়া মতামত বক্তব্য বিবৃতি সাংবাদিক লীগ ক্রমাগত রাজনীতি পরিস্থিতি নির্বাচন দল সরকার মন্ত্রী বৈঠক সিদ্ধান্ত ঘোষণা কেন্দ্র রাজ্য বিধায়ক জেলা কমিটি সভাপতি প্রার্থী সমর্থন ভোট জোট নেতা কর্মী সংবাদ সূত্রে জানা গিয়েছে প্রশাসন পুলিশ তদন্ত আদালত নির্দেশ প্রস্তাব আলোচনা উদ্যোগ প্রকল্প পরিকল্পনা উন্নয়ন সমস্যা সমাধান দাবি প্রতিবাদ বিক্ষোভ আন্দোলন পরিষদ সম্মেলন অভিযোগ প্রতিক্রিয়া মতামত বক্তব্য বিবৃতি সাংবাদিক
লীগ ক্রমাগত রাজনীতি পরিস্থিতি নির্বাচন দল সরকার মন্ত্রী বৈঠক সিদ্ধান্ত ঘোষণা কেন্দ্র রাজ্য বিধায়ক জেলা কমিটি সভাপতি প্রার্থী সমর্থন ভোট জোট নেতা কর্মী সংবাদ সূত্রে জানা গিয়েছে প্রশাসন পুলিশ তদন্ত আদালত নির্দেশ প্রস্তাব আলোচনা উদ্যোগ প্রকল্প পরিকল্পনা উন্নয়ন সমস্যা সমাধান দাবি প্রতিবাদ বিক্ষোভ আন্দোলন পরিষদ সম্মেলন অভিযোগ প্রতিক্রিয়া মতামত বক্তব্য বিবৃতি সাংবাদিক লীগ ক্রমাগত রাজনীতি পরিস্থিতি নির্বাচন দল সরকার মন্ত্রী বৈঠক সিদ্ধান্ত ঘোষণা কেন্দ্র রাজ্য বিধায়ক জেলা কমিটি সভাপতি প্রার্থী সমর্থন ভোট জোট নেতা কর্মী সংবাদ সূত্রে জানা গিয়েছে প্রশাসন পুলিশ তদন্ত আদালত নির্দেশ প্রস্তাব আলোচনা উদ্যোগ প্রকল্প পরিকল্পনা উন্নয়ন সমস্যা সমাধান দাবি প্রতিবাদ বিক্ষোভ আন্দোলন পরিষদ সম্মেলন অভিযোগ প্রতিক্রিয়া মতামত বক্তব্য বিবৃতি সাংবাদিক লীগ ক্রমাগত রাজনীতি পরিস্থিতি নির্বাচন দল সরকার মন্ত্রী বৈঠক সিদ্ধান্ত ঘোষণা কেন্দ্র রাজ্য বিধায়ক জেলা কমিটি সভাপতি প্রার্থী সমর্থন ভোট জোট নেতা কর্মী সংবাদ সূত্রে জানা গিয়েছে প্রশাসন পুলিশ তদন্ত আদালত নির্দেশ প্রস্তাব আলোচনা উদ্যোগ প্রকল্প পরিকল্পনা উন্নয়ন সমস্যা সমাধান দাবি প্রতিবাদ বিক্ষোভ আন্দোলন পরিষদ সম্মেলন অভিযোগ প্রতিক্রিয়া মতামত বক্তব্য বিবৃতি সাংবাদিক লীগ ক্রমাগত রাজনীতি পরিস্থিতি নির্বাচন দল সরকার মন্ত্রী বৈঠক সিদ্ধান্ত ঘোষণা কেন্দ্র রাজ্য বিধায়ক জেলা কমিটি সভাপতি প্রার্থী সমর্থন ভোট জোট নেতা কর্মী সংবাদ সূত্রে জানা গিয়েছে প্রশাসন পুলিশ তদন্ত আদালত নির্দেশ প্রস্তাব আলোচনা উদ্যোগ প্রকল্প পরিকল্পনা উন্নয়ন সমস্যা সমাধান দাবি প্রতিবাদ বিক্ষোভ আন্দোলন পরিষদ সম্মেলন অভিযোগ প্রতিক্রিয়া মতামত বক্তব্য বিবৃতি সাংবাদিক
লীগ ক্রমাগত রাজনীতি পরিস্থিতি নির্বাচন দল সরকার মন্ত্রী বৈঠক সিদ্ধান্ত ঘোষণা কেন্দ্র রাজ্য বিধায়ক জেলা কমিটি সভাপতি প্রার্থী সমর্থন ভোট জোট নেতা কর্মী সংবাদ সূত্রে জানা গিয়েছে প্রশাসন পুলিশ তদন্ত আদালত নির্দেশ প্রস্তাব আলোচনা উদ্যোগ প্রকল্প পরিকল্পনা উন্নয়ন সমস্যা সমাধান দাবি প্রতিবাদ বিক্ষোভ আন্দোলন পরিষদ সম্মেলন অভিযোগ প্রতিক্রিয়া মতামত বক্তব্য বিবৃতি সাংবাদিক লীগ ক্রমাগত রাজনীতি পরিস্থিতি নির্বাচন দল সরকার মন্ত্রী বৈঠক সিদ্ধান্ত ঘোষণা কেন্দ্র রাজ্য বিধায়ক জেলা কমিটি সভাপতি প্রার্থী সমর্থন ভোট জোট নেতা কর্মী সংবাদ সূত্রে জানা গিয়েছে প্রশাসন পুলিশ তদন্ত আদালত নির্দেশ প্রস্তাব আলোচনা উদ্যোগ প্রকল্প পরিকল্পনা উন্নয়ন সমস্যা সমাধান দাবি প্রতিবাদ বিক্ষোভ আন্দোলন পরিষদ সম্মেলন অভিযোগ প্রতিক্রিয়া মতামত বক্তব্য বিবৃতি সাংবাদিক লীগ ক্রমাগত রাজনীতি পরিস্থিতি নির্বাচন দল সরকার মন্ত্রী বৈঠক সিদ্ধান্ত ঘোষণা কেন্দ্র রাজ্য বিধায়ক জেলা কমিটি সভাপতি প্রার্থী সমর্থন ভোট জোট নেতা কর্মী সংবাদ সূত্রে জানা গিয়েছে প্রশাসন পুলিশ তদন্ত আদালত নির্দেশ প্রস্তাব আলোচনা উদ্যোগ প্রকল্প পরিকল্পনা উন্নয়ন সমস্যা সমাধান দাবি প্রতিবাদ বিক্ষোভ আন্দোলন পরিষদ সম্মেলন অভিযোগ প্রতিক্রিয়া মতামত বক্তব্য বিবৃতি সাংবাদিক লীগ ক্রমাগত রাজনীতি পরিস্থিতি নির্বাচন দল সরকার মন্ত্রী বৈঠক সিদ্ধান্ত ঘোষণা কেন্দ্র রাজ্য বিধায়ক জেলা কমিটি সভাপতি প্রার্থী সমর্থন ভোট জোট নেতা কর্মী সংবাদ সূত্রে জানা গিয়েছে প্রশাসন পুলিশ তদন্ত আদালত নির্দেশ প্রস্তাব আলোচনা উদ্যোগ প্রকল্প পরিকল্পনা উন্নয়ন সমস্যা সমাধান দাবি প্রতিবাদ বিক্ষোভ আন্দোলন পরিষদ সম্মেলন অভিযোগ প্রতিক্রিয়া মতামত বক্তব্য বিবৃতি সাংবাদিক
লীগ ক্রমাগত রাজনীতি পরিস্থিতি নির্বাচন দল সরকার মন্ত্রী বৈঠক সিদ্ধান্ত ঘোষণা কেন্দ্র রাজ্য বিধায়ক জেলা কমিটি সভাপতি প্রার্থী সমর্থন ভোট জোট নেতা কর্মী সংবাদ সূত্রে জানা গিয়েছে প্রশাসন পুলিশ তদন্ত আদালত নির্দেশ প্রস্তাব আলোচনা উদ্যোগ প্রকল্প পরিকল্পনা উন্নয়ন সমস্যা সমাধান দাবি প্রতিবাদ বিক্ষোভ আন্দোলন পরিষদ সম্মেলন অভিযোগ প্রতিক্রিয়া মতামত বক্তব্য বিবৃতি সাংবাদিক লীগ ক্রমাগত রাজনীতি পরিস্থিতি নির্বাচন দল সরকার মন্ত্রী বৈঠক সিদ্ধান্ত ঘোষণা কেন্দ্র রাজ্য বিধায়ক জেলা কমিটি সভাপতি প্রার্থী সমর্থন ভোট জোট নেতা কর্মী সংবাদ সূত্রে জানা গিয়েছে প্রশাসন পুলিশ তদন্ত আদালত নির্দেশ প্রস্তাব আলোচনা উদ্যোগ প্রকল্প পরিকল্পনা উন্নয়ন সমস্যা সমাধান দাবি প্রতিবাদ বিক্ষোভ আন্দোলন পরিষদ সম্মেলন অভিযোগ প্রতিক্রিয়া মতামত বক্তব্য বিবৃতি সাংবাদিক লীগ ক্রমাগত রাজনীতি পরিস্থিতি নির্বাচন দল সরকার মন্ত্রী বৈঠক সিদ্ধান্ত ঘোষণা কেন্দ্র রাজ্য বিধায়ক জেলা কমিটি সভাপতি প্রার্থী সমর্থন ভোট জোট নেতা কর্মী সংবাদ সূত্রে জানা গিয়েছে প্রশাসন পুলিশ তদন্ত আদালত নির্দেশ প্রস্তাব আলোচনা উদ্যোগ প্রকল্প পরিকল্পনা উন্নয়ন সমস্যা সমাধান দাবি প্রতিবাদ বিক্ষোভ আন্দোলন পরিষদ সম্মেলন অভিযোগ প্রতিক্রিয়া মতামত বক্তব্য বিবৃতি সাংবাদিক লীগ ক্রমাগত রাজনীতি পরিস্থিতি নির্বাচন দল সরকার মন্ত্রী বৈঠক সিদ্ধান্ত ঘোষণা কেন্দ্র রাজ্য বিধায়ক জেলা কমিটি সভাপতি প্রার্থী সমর্থন ভোট জোট নেতা কর্মী সংবাদ সূত্রে জানা গিয়েছে প্রশাসন পুলিশ তদন্ত আদালত নির্দেশ প্রস্তাব আলোচনা উদ্যোগ প্রকল্প পরিকল্পনা উন্নয়ন সমস্যা সমাধান দাবি প্রতিবাদ বিক্ষোভ আন্দোলন পরিষদ সম্মেলন অভিযোগ প্রতিক্রিয়া মতামত বক্তব্য বিবৃতি সাংবাদিক
লীগ ক্রমাগত রাজনীতি পরিস্থিতি নির্বাচন দল সরকার মন্ত্রী বৈঠক সিদ্ধান্ত ঘোষণা কেন্দ্র রাজ্য বিধায়ক জেলা কমিটি সভাপতি প্রার্থী সমর্থন ভোট জোট নেতা কর্মী সংবাদ সূত্রে জানা গিয়েছে প্রশাসন পুলিশ তদন্ত আদালত নির্দেশ প্রস্তাব আলোচনা উদ্যোগ প্রকল্প পরিকল্পনা উন্নয়ন সমস্যা সমাধান দাবি প্রতিবাদ বিক্ষোভ আন্দোলন পরিষদ সম্মেলন অভিযোগ প্রতিক্রিয়া মতামত বক্তব্য বিবৃতি সাংবাদিক লীগ ক্রমাগত রাজনীতি পরিস্থিতি নির্বাচন দল সরকার মন্ত্রী বৈঠক সিদ্ধান্ত ঘোষণা কেন্দ্র রাজ্য বিধায়ক জেলা কমিটি সভাপতি প্রার্থী সমর্থন ভোট জোট নেতা কর্মী সংবাদ সূত্রে জানা গিয়েছে প্রশাসন পুলিশ তদন্ত আদালত নির্দেশ প্রস্তাব আলোচনা উদ্যোগ প্রকল্প পরিকল্পনা উন্নয়ন সমস্যা সমাধান দাবি প্রতিবাদ বিক্ষোভ আন্দোলন পরিষদ সম্মেলন অভিযোগ প্রতিক্রিয়া মতামত বক্তব্য বিবৃতি সাংবাদিক লীগ ক্রমাগত রাজনীতি পরিস্থিতি নির্বাচন দল সরকার মন্ত্রী বৈঠক সিদ্ধান্ত ঘোষণা কেন্দ্র রাজ্য বিধায়ক জেলা কমিটি সভাপতি প্রার্থী সমর্থন ভোট জোট নেতা কর্মী সংবাদ সূত্রে জানা গিয়েছে প্রশাসন পুলিশ তদন্ত আদালত নির্দেশ প্রস্তাব আলোচনা উদ্যোগ প্রকল্প পরিকল্পনা উন্নয়ন সমস্যা সমাধান দাবি প্রতিবাদ বিক্ষোভ আন্দোলন পরিষদ সম্মেলন অভিযোগ প্রতিক্রিয়া মতামত বক্তব্য বিবৃতি সাংবাদিক লীগ ক্রমাগত রাজনীতি পরিস্থিতি নির্বাচন দল সরকার মন্ত্রী বৈঠক সিদ্ধান্ত ঘোষণা কেন্দ্র রাজ্য বিধায়ক জেলা কমিটি সভাপতি প্রার্থী সমর্থন ভোট জোট নেতা কর্মী সংবাদ সূত্রে জানা গিয়েছে প্রশাসন পুলিশ তদন্ত আদালত নির্দেশ প্রস্তাব আলোচনা উদ্যোগ প্রকল্প পরিকল্পনা উন্নয়ন সমস্যা সমাধান দাবি প্রতিবাদ বিক্ষোভ আন্দোলন পরিষদ সম্মেলন অভিযোগ প্রতিক্রিয়া মতামত বক্তব্য বিবৃতি সাংবাদিক
শোভন-বৈশাখী ফের মমতার কাছেই
লীগ ক্রমাগত রাজনীতি পরিস্থিতি নির্বাচন দল সরকার মন্ত্রী বৈঠক সিদ্ধান্ত ঘোষণা কেন্দ্র রাজ্য বিধায়ক জেলা কমিটি সভাপতি প্রার্থী সমর্থন ভোট জোট নেতা কর্মী সংবাদ সূত্রে জানা গিয়েছে প্রশাসন পুলিশ তদন্ত আদালত নির্দেশ প্রস্তাব আলোচনা উদ্যোগ প্রকল্প পরিকল্পনা উন্নয়ন সমস্যা সমাধান দাবি প্রতিবাদ বিক্ষোভ আন্দোলন পরিষদ সম্মেলন অভিযোগ প্রতিক্রিয়া মতামত বক্তব্য বিবৃতি সাংবাদিক লীগ ক্রমাগত রাজনীতি পরিস্থিতি নির্বাচন দল সরকার মন্ত্রী বৈঠক সিদ্ধান্ত ঘোষণা কেন্দ্র রাজ্য বিধায়ক জেলা কমিটি সভাপতি প্রার্থী সমর্থন ভোট জোট নেতা কর্মী সংবাদ সূত্রে জানা গিয়েছে প্রশাসন পুলিশ তদন্ত আদালত নির্দেশ প্রস্তাব আলোচনা উদ্যোগ প্রকল্প পরিকল্পনা উন্নয়ন সমস্যা সমাধান দাবি প্রতিবাদ বিক্ষোভ আন্দোলন পরিষদ সম্মেলন অভিযোগ প্রতিক্রিয়া মতামত বক্তব্য বিবৃতি সাংবাদিক লীগ ক্রমাগত রাজনীতি পরিস্থিতি নির্বাচন দল সরকার মন্ত্রী বৈঠক সিদ্ধান্ত ঘোষণা কেন্দ্র রাজ্য বিধায়ক জেলা কমিটি সভাপতি প্রার্থী সমর্থন ভোট জোট নেতা কর্মী সংবাদ সূত্রে জানা গিয়েছে প্রশাসন পুলিশ তদন্ত আদালত নির্দেশ প্রস্তাব আলোচনা উদ্যোগ প্রকল্প পরিকল্পনা উন্নয়ন সমস্যা সমাধান দাবি প্রতিবাদ বিক্ষোভ আন্দোলন পরিষদ সম্মেলন অভিযোগ প্রতিক্রিয়া মতামত বক্তব্য বিবৃতি সাংবাদিক লীগ ক্রমাগত রাজনীতি পরিস্থিতি নির্বাচন দল সরকার মন্ত্রী বৈঠক সিদ্ধান্ত ঘোষণা কেন্দ্র রাজ্য বিধায়ক জেলা কমিটি সভাপতি প্রার্থী সমর্থন ভোট জোট নেতা কর্মী সংবাদ সূত্রে জানা গিয়েছে প্রশাসন পুলিশ তদন্ত আদালত নির্দেশ প্রস্তাব আলোচনা উদ্যোগ প্রকল্প পরিকল্পনা উন্নয়ন সমস্যা সমাধান দাবি প্রতিবাদ বিক্ষোভ আন্দোলন পরিষদ সম্মেলন অভিযোগ প্রতিক্রিয়া মতামত বক্তব্য বিবৃতি সাংবাদিক
লীগ ক্রমাগত রাজনীতি পরিস্থিতি নির্বাচন দল সরকার মন্ত্রী বৈঠক সিদ্ধান্ত ঘোষণা কেন্দ্র রাজ্য বিধায়ক জেলা কমিটি সভাপতি প্রার্থী সমর্থন ভোট জোট নেতা কর্মী সংবাদ সূত্রে জানা গিয়েছে প্রশাসন পুলিশ তদন্ত আদালত নির্দেশ প্রস্তাব আলোচনা উদ্যোগ প্রকল্প পরিকল্পনা উন্নয়ন সমস্যা সমাধান দাবি প্রতিবাদ বিক্ষোভ আন্দোলন পরিষদ সম্মেলন অভিযোগ প্রতিক্রিয়া মতামত বক্তব্য বিবৃতি সাংবাদিক লীগ ক্রমাগত রাজনীতি পরিস্থিতি নির্বাচন দল সরকার মন্ত্রী বৈঠক সিদ্ধান্ত ঘোষণা কেন্দ্র রাজ্য বিধায়ক জেলা কমিটি সভাপতি প্রার্থী সমর্থন ভোট জোট নেতা কর্মী সংবাদ সূত্রে জানা গিয়েছে প্রশাসন পুলিশ তদন্ত আদালত নির্দেশ প্রস্তাব আলোচনা উদ্যোগ প্রকল্প পরিকল্পনা উন্নয়ন সমস্যা সমাধান দাবি প্রতিবাদ বিক্ষোভ আন্দোলন পরিষদ সম্মেলন অভিযোগ প্রতিক্রিয়া মতামত বক্তব্য বিবৃতি সাংবাদিক লীগ ক্রমাগত রাজনীতি পরিস্থিতি নির্বাচন দল সরকার মন্ত্রী বৈঠক সিদ্ধান্ত ঘোষণা কেন্দ্র রাজ্য বিধায়ক জেলা কমিটি সভাপতি প্রার্থী সমর্থন ভোট জোট নেতা কর্মী সংবাদ সূত্রে জানা গিয়েছে প্রশাসন পুলিশ তদন্ত আদালত নির্দেশ প্রস্তাব আলোচনা উদ্যোগ প্রকল্প পরিকল্পনা উন্নয়ন সমস্যা সমাধান দাবি প্রতিবাদ বিক্ষোভ আন্দোলন পরিষদ সম্মেলন অভিযোগ প্রতিক্রিয়া মতামত বক্তব্য বিবৃতি সাংবাদিক লীগ ক্রমাগত রাজনীতি পরিস্থিতি নির্বাচন দল সরকার মন্ত্রী বৈঠক সিদ্ধান্ত ঘোষণা কেন্দ্র রাজ্য বিধায়ক জেলা কমিটি সভাপতি প্রার্থী সমর্থন ভোট জোট নেতা কর্মী সংবাদ সূত্রে জানা গিয়েছে প্রশাসন পুলিশ তদন্ত আদালত নির্দেশ প্রস্তাব আলোচনা উদ্যোগ প্রকল্প পরিকল্পনা উন্নয়ন সমস্যা সমাধান দাবি প্রতিবাদ বিক্ষোভ আন্দোলন পরিষদ সম্মেলন অভিযোগ প্রতিক্রিয়া মতামত বক্তব্য বিবৃতি সাংবাদিক
লীগ ক্রমাগত রাজনীতি পরিস্থিতি নির্বাচন দল সরকার মন্ত্রী বৈঠক সিদ্ধান্ত ঘোষণা কেন্দ্র রাজ্য বিধায়ক জেলা কমিটি সভাপতি প্রার্থী সমর্থন ভোট জোট নেতা কর্মী সংবাদ সূত্রে জানা গিয়েছে প্রশাসন পুলিশ তদন্ত আদালত নির্দেশ প্রস্তাব আলোচনা উদ্যোগ প্রকল্প পরিকল্পনা উন্নয়ন সমস্যা সমাধান দাবি প্রতিবাদ বিক্ষোভ আন্দোলন পরিষদ সম্মেলন অভিযোগ প্রতিক্রিয়া মতামত বক্তব্য বিবৃতি সাংবাদিক লীগ ক্রমাগত রাজনীতি পরিস্থিতি নির্বাচন দল সরকার মন্ত্রী বৈঠক সিদ্ধান্ত ঘোষণা কেন্দ্র রাজ্য বিধায়ক জেলা কমিটি সভাপতি প্রার্থী সমর্থন ভোট জোট নেতা কর্মী সংবাদ সূত্রে জানা গিয়েছে প্রশাসন পুলিশ তদন্ত আদালত নির্দেশ প্রস্তাব আলোচনা উদ্যোগ প্রকল্প পরিকল্পনা উন্নয়ন সমস্যা সমাধান দাবি প্রতিবাদ বিক্ষোভ আন্দোলন পরিষদ সম্মেলন অভিযোগ প্রতিক্রিয়া মতামত বক্তব্য বিবৃতি সাংবাদিক লীগ ক্রমাগত রাজনীতি পরিস্থিতি নির্বাচন দল সরকার মন্ত্রী বৈঠক সিদ্ধান্ত ঘোষণা কেন্দ্র রাজ্য বিধায়ক জেলা কমিটি সভাপতি প্রার্থী সমর্থন ভোট জোট নেতা কর্মী সংবাদ সূত্রে জানা গিয়েছে প্রশাসন পুলিশ তদন্ত আদালত নির্দেশ প্রস্তাব আলোচনা উদ্যোগ প্রকল্প পরিকল্পনা উন্নয়ন সমস্যা সমাধান দাবি প্রতিবাদ বিক্ষোভ আন্দোলন পরিষদ সম্মেলন অভিযোগ প্রতিক্রিয়া মতামত বক্তব্য বিবৃতি সাংবাদিক লীগ ক্রমাগত রাজনীতি পরিস্থিতি নির্বাচন দল সরকার মন্ত্রী বৈঠক সিদ্ধান্ত ঘোষণা কেন্দ্র রাজ্য বিধায়ক জেলা কমিটি সভাপতি প্রার্থী সমর্থন ভোট জোট নেতা কর্মী সংবাদ সূত্রে জানা গিয়েছে প্রশাসন পুলিশ তদন্ত আদালত নির্দেশ প্রস্তাব আলোচনা উদ্যোগ প্রকল্প পরিকল্পনা উন্নয়ন সমস্যা সমাধান দাবি প্রতিবাদ বিক্ষোভ আন্দোলন পরিষদ সম্মেলন অভিযোগ প্রতিক্রিয়া মতামত বক্তব্য বিবৃতি সাংবাদিক
লীগ ক্রমাগত রাজনীতি পরিস্থিতি নির্বাচন দল সরকার মন্ত্রী বৈঠক সিদ্ধান্ত ঘোষণা কেন্দ্র রাজ্য বিধায়ক জেলা কমিটি সভাপতি প্রার্থী সমর্থন ভোট জোট নেতা কর্মী সংবাদ সূত্রে জানা গিয়েছে প্রশাসন পুলিশ তদন্ত আদালত নির্দেশ প্রস্তাব আলোচনা উদ্যোগ প্রকল্প পরিকল্পনা উন্নয়ন সমস্যা সমাধান দাবি প্রতিবাদ বিক্ষোভ আন্দোলন পরিষদ সম্মেলন অভিযোগ প্রতিক্রিয়া মতামত বক্তব্য বিবৃতি সাংবাদিক লীগ ক্রমাগত রাজনীতি পরিস্থিতি নির্বাচন দল সরকার মন্ত্রী বৈঠক সিদ্ধান্ত ঘোষণা কেন্দ্র রাজ্য বিধায়ক জেলা কমিটি সভাপতি প্রার্থী সমর্থন ভোট জোট নেতা কর্মী সংবাদ সূত্রে জানা গিয়েছে প্রশাসন পুলিশ তদন্ত আদালত নির্দেশ প্রস্তাব আলোচনা উদ্যোগ প্রকল্প পরিকল্পনা উন্নয়ন সমস্যা সমাধান দাবি প্রতিবাদ বিক্ষোভ আন্দোলন পরিষদ সম্মেলন অভিযোগ প্রতিক্রিয়া মতামত বক্তব্য বিবৃতি সাংবাদিক লীগ ক্রমাগত রাজনীতি পরিস্থিতি নির্বাচন দল সরকার মন্ত্রী বৈঠক সিদ্ধান্ত ঘোষণা কেন্দ্র রাজ্য বিধায়ক জেলা কমিটি সভাপতি প্রার্থী সমর্থন ভোট জোট নেতা কর্মী সংবাদ সূত্রে জানা গিয়েছে প্রশাসন পুলিশ তদন্ত আদালত নির্দেশ প্রস্তাব আলোচনা উদ্যোগ প্রকল্প পরিকল্পনা উন্নয়ন সমস্যা সমাধান দাবি প্রতিবাদ বিক্ষোভ আন্দোলন পরিষদ সম্মেলন অভিযোগ প্রতিক্রিয়া মতামত বক্তব্য বিবৃতি সাংবাদিক লীগ ক্রমাগত রাজনীতি পরিস্থিতি নির্বাচন দল সরকার মন্ত্রী বৈঠক সিদ্ধান্ত ঘোষণা কেন্দ্র রাজ্য বিধায়ক জেলা কমিটি সভাপতি প্রার্থী সমর্থন ভোট জোট নেতা কর্মী সংবাদ সূত্রে জানা গিয়েছে প্রশাসন পুলিশ তদন্ত আদালত নির্দেশ প্রস্তাব আলোচনা উদ্যোগ প্রকল্প পরিকল্পনা উন্নয়ন সমস্যা সমাধান দাবি প্রতিবাদ বিক্ষোভ আন্দোলন পরিষদ সম্মেলন অভিযোগ প্রতিক্রিয়া মতামত বক্তব্য বিবৃতি সাংবাদিক
লীগ ক্রমাগত রাজনীতি পরিস্থিতি নির্বাচন দল সরকার মন্ত্রী বৈঠক সিদ্ধান্ত ঘোষণা কেন্দ্র রাজ্য বিধায়ক জেলা কমিটি সভাপতি প্রার্থী সমর্থন ভোট জোট নেতা কর্মী সংবাদ সূত্রে জানা গিয়েছে প্রশাসন পুলিশ তদন্ত আদালত নির্দেশ প্রস্তাব আলোচনা উদ্যোগ প্রকল্প পরিকল্পনা উন্নয়ন সমস্যা সমাধান দাবি প্রতিবাদ বিক্ষোভ আন্দোলন পরিষদ সম্মেলন অভিযোগ প্রতিক্রিয়া মতামত বক্তব্য বিবৃতি সাংবাদিক লীগ ক্রমাগত রাজনীতি পরিস্থিতি নির্বাচন দল সরকার মন্ত্রী বৈঠক সিদ্ধান্ত ঘোষণা কেন্দ্র রাজ্য বিধায়ক জেলা কমিটি সভাপতি প্রার্থী সমর্থন ভোট জোট নেতা কর্মী সংবাদ সূত্রে জানা গিয়েছে প্রশাসন পুলিশ তদন্ত আদালত নির্দেশ প্রস্তাব আলোচনা উদ্যোগ প্রকল্প পরিকল্পনা উন্নয়ন সমস্যা সমাধান দাবি প্রতিবাদ বিক্ষোভ আন্দোলন পরিষদ সম্মেলন অভিযোগ প্রতিক্রিয়া মতামত বক্তব্য বিবৃতি সাংবাদিক লীগ ক্রমাগত রাজনীতি পরিস্থিতি নির্বাচন দল সরকার মন্ত্রী বৈঠক সিদ্ধান্ত ঘোষণা কেন্দ্র রাজ্য বিধায়ক জেলা কমিটি সভাপতি প্রার্থী সমর্থন ভোট জোট নেতা কর্মী সংবাদ সূত্রে জানা গিয়েছে প্রশাসন পুলিশ তদন্ত আদালত নির্দেশ প্রস্তাব আলোচনা উদ্যোগ প্রকল্প পরিকল্পনা উন্নয়ন সমস্যা সমাধান দাবি প্রতিবাদ বিক্ষোভ আন্দোলন পরিষদ সম্মেলন অভিযোগ প্রতিক্রিয়া মতামত বক্তব্য বিবৃতি সাংবাদিক লীগ ক্রমাগত রাজনীতি পরিস্থিতি নির্বাচন দল সরকার মন্ত্রী বৈঠক সিদ্ধান্ত ঘোষণা কেন্দ্র রাজ্য বিধায়ক জেলা কমিটি সভাপতি প্রার্থী সমর্থন ভোট জোট নেতা কর্মী সংবাদ সূত্রে জানা গিয়েছে প্রশাসন পুলিশ তদন্ত আদালত নির্দেশ প্রস্তাব আলোচনা উদ্যোগ প্রকল্প পরিকল্পনা উন্নয়ন সমস্যা সমাধান দাবি প্রতিবাদ বিক্ষোভ আন্দোলন পরিষদ সম্মেলন অভিযোগ প্রতিক্রিয়া মতামত বক্তব্য বিবৃতি সাংবাদিক
অধ্যক্ষকে বিধায়কের চড়, ভাইরাল ভিডিও
লীগ ক্রমাগত রাজনীতি পরিস্থিতি নির্বাচন দল সরকার মন্ত্রী বৈঠক সিদ্ধান্ত ঘোষণা কেন্দ্র রাজ্য বিধায়ক জেলা কমিটি সভাপতি প্রার্থী সমর্থন ভোট জোট নেতা কর্মী সংবাদ সূত্রে জানা গিয়েছে প্রশাসন পুলিশ তদন্ত আদালত নির্দেশ প্রস্তাব আলোচনা উদ্যোগ প্রকল্প পরিকল্পনা উন্নয়ন সমস্যা সমাধান দাবি প্রতিবাদ বিক্ষোভ আন্দোলন পরিষদ সম্মেলন অভিযোগ প্রতিক্রিয়া মতামত বক্তব্য বিবৃতি সাংবাদিক লীগ ক্রমাগত রাজনীতি পরিস্থিতি নির্বাচন দল সরকার মন্ত্রী বৈঠক সিদ্ধান্ত ঘোষণা কেন্দ্র রাজ্য বিধায়ক জেলা কমিটি সভাপতি প্রার্থী সমর্থন ভোট জোট নেতা কর্মী সংবাদ সূত্রে জানা গিয়েছে প্রশাসন পুলিশ তদন্ত আদালত নির্দেশ প্রস্তাব আলোচনা উদ্যোগ প্রকল্প পরিকল্পনা উন্নয়ন সমস্যা সমাধান দাবি প্রতিবাদ বিক্ষোভ আন্দোলন পরিষদ সম্মেলন অভিযোগ প্রতিক্রিয়া মতামত বক্তব্য বিবৃতি সাংবাদিক লীগ ক্রমাগত রাজনীতি পরিস্থিতি নির্বাচন দল সরকার মন্ত্রী বৈঠক সিদ্ধান্ত ঘোষণা কেন্দ্র রাজ্য বিধায়ক জেলা কমিটি সভাপতি প্রার্থী সমর্থন ভোট জোট নেতা কর্মী সংবাদ সূত্রে জানা গিয়েছে প্রশাসন পুলিশ তদন্ত আদালত নির্দেশ প্রস্তাব আলোচনা উদ্যোগ প্রকল্প পরিকল্পনা উন্নয়ন সমস্যা সমাধান দাবি প্রতিবাদ বিক্ষোভ আন্দোলন পরিষদ সম্মেলন অভিযোগ প্রতিক্রিয়া মতামত বক্তব্য বিবৃতি সাংবাদিক লীগ ক্রমাগত রাজনীতি পরিস্থিতি নির্বাচন দল সরকার মন্ত্রী বৈঠক সিদ্ধান্ত ঘোষণা কেন্দ্র রাজ্য বিধায়ক জেলা কমিটি সভাপতি প্রার্থী সমর্থন ভোট জোট নেতা কর্মী সংবাদ সূত্রে জানা গিয়েছে প্রশাসন পুলিশ তদন্ত আদালত নির্দেশ প্রস্তাব আলোচনা উদ্যোগ প্রকল্প পরিকল্পনা উন্নয়ন সমস্যা সমাধান দাবি প্রতিবাদ বিক্ষোভ আন্দোলন পরিষদ সম্মেলন অভিযোগ প্রতিক্রিয়া মতামত বক্তব্য বিবৃতি সাংবাদিক
JUGJUGG JEEYO
A family reunion, full of surprises
IN CINEMAS TOMORROW
ADVANCE BOOKING OPENS
পুলিশকে মেল
লীগ ক্রমাগত রাজনীতি পরিস্থিতি নির্বাচন দল সরকার মন্ত্রী বৈঠক সিদ্ধান্ত ঘোষণা কেন্দ্র রাজ্য বিধায়ক জেলা কমিটি সভাপতি প্রার্থী সমর্থন ভোট জোট নেতা কর্মী সংবাদ সূত্রে জানা গিয়েছে প্রশাসন পুলিশ তদন্ত আদালত নির্দেশ প্রস্তাব আলোচনা উদ্যোগ প্রকল্প পরিকল্পনা উন্নয়ন সমস্যা সমাধান দাবি প্রতিবাদ বিক্ষোভ আন্দোলন পরিষদ সম্মেলন অভিযোগ প্রতিক্রিয়া মতামত বক্তব্য বিবৃতি সাংবাদিক লীগ ক্রমাগত রাজনীতি পরিস্থিতি নির্বাচন দল সরকার মন্ত্রী বৈঠক সিদ্ধান্ত ঘোষণা কেন্দ্র রাজ্য বিধায়ক জেলা কমিটি সভাপতি প্রার্থী সমর্থন ভোট জোট নেতা কর্মী সংবাদ সূত্রে জানা গিয়েছে প্রশাসন পুলিশ তদন্ত আদালত নির্দেশ প্রস্তাব আলোচনা উদ্যোগ প্রকল্প পরিকল্পনা উন্নয়ন সমস্যা সমাধান দাবি প্রতিবাদ বিক্ষোভ আন্দোলন পরিষদ সম্মেলন অভিযোগ প্রতিক্রিয়া মতামত বক্তব্য বিবৃতি সাংবাদিক লীগ ক্রমাগত রাজনীতি পরিস্থিতি নির্বাচন দল সরকার মন্ত্রী বৈঠক সিদ্ধান্ত ঘোষণা কেন্দ্র রাজ্য বিধায়ক জেলা কমিটি সভাপতি প্রার্থী সমর্থন ভোট জোট নেতা কর্মী সংবাদ সূত্রে জানা গিয়েছে প্রশাসন পুলিশ তদন্ত আদালত নির্দেশ প্রস্তাব আলোচনা উদ্যোগ প্রকল্প পরিকল্পনা উন্নয়ন সমস্যা সমাধান দাবি প্রতিবাদ বিক্ষোভ আন্দোলন পরিষদ সম্মেলন অভিযোগ প্রতিক্রিয়া মতামত বক্তব্য বিবৃতি সাংবাদিক লীগ ক্রমাগত রাজনীতি পরিস্থিতি নির্বাচন দল সরকার মন্ত্রী বৈঠক সিদ্ধান্ত ঘোষণা কেন্দ্র রাজ্য বিধায়ক জেলা কমিটি সভাপতি প্রার্থী সমর্থন ভোট জোট নেতা কর্মী সংবাদ সূত্রে জানা গিয়েছে প্রশাসন পুলিশ তদন্ত আদালত নির্দেশ প্রস্তাব আলোচনা উদ্যোগ প্রকল্প পরিকল্পনা উন্নয়ন সমস্যা সমাধান দাবি প্রতিবাদ বিক্ষোভ আন্দোলন পরিষদ সম্মেলন অভিযোগ প্রতিক্রিয়া মতামত বক্তব্য বিবৃতি সাংবাদিক
লীগ ক্রমাগত রাজনীতি পরিস্থিতি নির্বাচন দল সরকার মন্ত্রী বৈঠক সিদ্ধান্ত ঘোষণা কেন্দ্র রাজ্য বিধায়ক জেলা কমিটি সভাপতি প্রার্থী সমর্থন ভোট জোট নেতা কর্মী সংবাদ সূত্রে জানা গিয়েছে প্রশাসন পুলিশ তদন্ত আদালত নির্দেশ প্রস্তাব আলোচনা উদ্যোগ প্রকল্প পরিকল্পনা উন্নয়ন সমস্যা সমাধান দাবি প্রতিবাদ বিক্ষোভ আন্দোলন পরিষদ সম্মেলন অভিযোগ প্রতিক্রিয়া মতামত বক্তব্য বিবৃতি সাংবাদিক লীগ ক্রমাগত রাজনীতি পরিস্থিতি নির্বাচন দল সরকার মন্ত্রী বৈঠক সিদ্ধান্ত ঘোষণা কেন্দ্র রাজ্য বিধায়ক জেলা কমিটি সভাপতি প্রার্থী সমর্থন ভোট জোট নেতা কর্মী সংবাদ সূত্রে জানা গিয়েছে প্রশাসন পুলিশ তদন্ত আদালত নির্দেশ প্রস্তাব আলোচনা উদ্যোগ প্রকল্প পরিকল্পনা উন্নয়ন সমস্যা সমাধান দাবি প্রতিবাদ বিক্ষোভ আন্দোলন পরিষদ সম্মেলন অভিযোগ প্রতিক্রিয়া মতামত বক্তব্য বিবৃতি সাংবাদিক লীগ ক্রমাগত রাজনীতি পরিস্থিতি নির্বাচন দল সরকার মন্ত্রী বৈঠক সিদ্ধান্ত ঘোষণা কেন্দ্র রাজ্য বিধায়ক জেলা কমিটি সভাপতি প্রার্থী সমর্থন ভোট জোট নেতা কর্মী সংবাদ সূত্রে জানা গিয়েছে প্রশাসন পুলিশ তদন্ত আদালত নির্দেশ প্রস্তাব আলোচনা উদ্যোগ প্রকল্প পরিকল্পনা উন্নয়ন সমস্যা সমাধান দাবি প্রতিবাদ বিক্ষোভ আন্দোলন পরিষদ সম্মেলন অভিযোগ প্রতিক্রিয়া মতামত বক্তব্য বিবৃতি সাংবাদিক লীগ ক্রমাগত রাজনীতি পরিস্থিতি নির্বাচন দল সরকার মন্ত্রী বৈঠক সিদ্ধান্ত ঘোষণা কেন্দ্র রাজ্য বিধায়ক জেলা কমিটি সভাপতি প্রার্থী সমর্থন ভোট জোট নেতা কর্মী সংবাদ সূত্রে জানা গিয়েছে প্রশাসন পুলিশ তদন্ত আদালত নির্দেশ প্রস্তাব আলোচনা উদ্যোগ প্রকল্প পরিকল্পনা উন্নয়ন সমস্যা সমাধান দাবি প্রতিবাদ বিক্ষোভ আন্দোলন পরিষদ সম্মেলন অভিযোগ প্রতিক্রিয়া মতামত বক্তব্য বিবৃতি সাংবাদিক
SAMAGRA SHIKSHA MISSION, PASCHIM BARDHAMAN
e-NIT : 05 of 2022-2023 Tender Ref. No.: e-NIT No. 09 of 2022-23. Sealed tenders are invited from reputed and resourceful contractors for civil works within Paschim Bardhaman District. Closing date of bid submission is 29.06.2022. For further details, please log on website: https://wbtenders.gov.in
লীগ ক্রমাগত রাজনীতি পরিস্থিতি নির্বাচন দল সরকার মন্ত্রী বৈঠক সিদ্ধান্ত ঘোষণা কেন্দ্র রাজ্য বিধায়ক জেলা কমিটি সভাপতি প্রার্থী সমর্থন ভোট জোট নেতা কর্মী সংবাদ সূত্রে জানা গিয়েছে প্রশাসন পুলিশ তদন্ত আদালত নির্দেশ প্রস্তাব আলোচনা উদ্যোগ প্রকল্প পরিকল্পনা উন্নয়ন সমস্যা সমাধান দাবি প্রতিবাদ বিক্ষোভ আন্দোলন পরিষদ সম্মেলন অভিযোগ প্রতিক্রিয়া মতামত বক্তব্য বিবৃতি সাংবাদিক লীগ ক্রমাগত রাজনীতি পরিস্থিতি নির্বাচন দল সরকার মন্ত্রী বৈঠক সিদ্ধান্ত ঘোষণা কেন্দ্র রাজ্য বিধায়ক জেলা কমিটি সভাপতি প্রার্থী সমর্থন ভোট জোট নেতা কর্মী সংবাদ সূত্রে জানা গিয়েছে প্রশাসন পুলিশ তদন্ত আদালত নির্দেশ প্রস্তাব আলোচনা উদ্যোগ প্রকল্প পরিকল্পনা উন্নয়ন সমস্যা সমাধান দাবি প্রতিবাদ বিক্ষোভ আন্দোলন পরিষদ সম্মেলন অভিযোগ প্রতিক্রিয়া মতামত বক্তব্য বিবৃতি সাংবাদিক লীগ ক্রমাগত রাজনীতি পরিস্থিতি নির্বাচন দল সরকার মন্ত্রী বৈঠক সিদ্ধান্ত ঘোষণা কেন্দ্র রাজ্য বিধায়ক জেলা কমিটি সভাপতি প্রার্থী সমর্থন ভোট জোট নেতা কর্মী সংবাদ সূত্রে জানা গিয়েছে প্রশাসন পুলিশ তদন্ত আদালত নির্দেশ প্রস্তাব আলোচনা উদ্যোগ প্রকল্প পরিকল্পনা উন্নয়ন সমস্যা সমাধান দাবি প্রতিবাদ বিক্ষোভ আন্দোলন পরিষদ সম্মেলন অভিযোগ প্রতিক্রিয়া মতামত বক্তব্য বিবৃতি সাংবাদিক লীগ ক্রমাগত রাজনীতি পরিস্থিতি নির্বাচন দল সরকার মন্ত্রী বৈঠক সিদ্ধান্ত ঘোষণা কেন্দ্র রাজ্য বিধায়ক জেলা কমিটি সভাপতি প্রার্থী সমর্থন ভোট জোট নেতা কর্মী সংবাদ সূত্রে জানা গিয়েছে প্রশাসন পুলিশ তদন্ত আদালত নির্দেশ প্রস্তাব আলোচনা উদ্যোগ প্রকল্প পরিকল্পনা উন্নয়ন সমস্যা সমাধান দাবি প্রতিবাদ বিক্ষোভ আন্দোলন পরিষদ সম্মেলন অভিযোগ প্রতিক্রিয়া মতামত বক্তব্য বিবৃতি সাংবাদিক
INFORMATION WANTED
This is the photograph of Sri Pankaj Sk, son of Hasan Sk, aged about 24 years. Missing since. Anybody having any information please contact the nearest Police Station.
INFORMATION WANTED
This is the photograph of Ratan Debnath of Narayanpur, Complexion Fair, Height 5ft. Language Bengali. Anybody having information please contact O.C. Police Station.
WEST BENGAL STATE RURAL DEVELOPMENT AGENCY
ABRIDGED NOTICE
NIT No.: 16/SRDA/R-I/2022-23/02 (2nd Call); Dated: 23.06.2022 NIT No.: 17/SRDA/R-I/2022-23/02 (Re-Call); Dated: 23.06.2022. The Superintending Engineer for and on behalf of WBSRDA invites percentage rate tender for the District of South 24 Parganas upto 15.07.2022 at 18:00 Hours.
KOLKATA MUNICIPAL CORPORATION e-TENDER
ABRIDGED NIT
The Director General (C), KMC invites tender online percentage rate bids for the following work. NIT No.: KMC/DGC/BR-XVI/142/166/22-23. Name of Work: Development works at Chakrannagar Abasik Prathamik Bidyalaya. Estimated Cost: Rs.9,99,855.13. Last date and time of submission of bid: 05.07.2022 at 12.00 noon.
The Director General (S&D), KMC invites tender online percentage rate bids for the following work. Name of Work: Construction of Gully Pits & Catch Pits including laying of S/W Lines along Keshab Sen Street. Estimated Cost: Rs.6,63,991.00. Earnest Money: Rs.13,300.00. Last date of submission of bid: 07.07.2022 at 12.00 noon. For details visit https://etender.wb.nic.in
